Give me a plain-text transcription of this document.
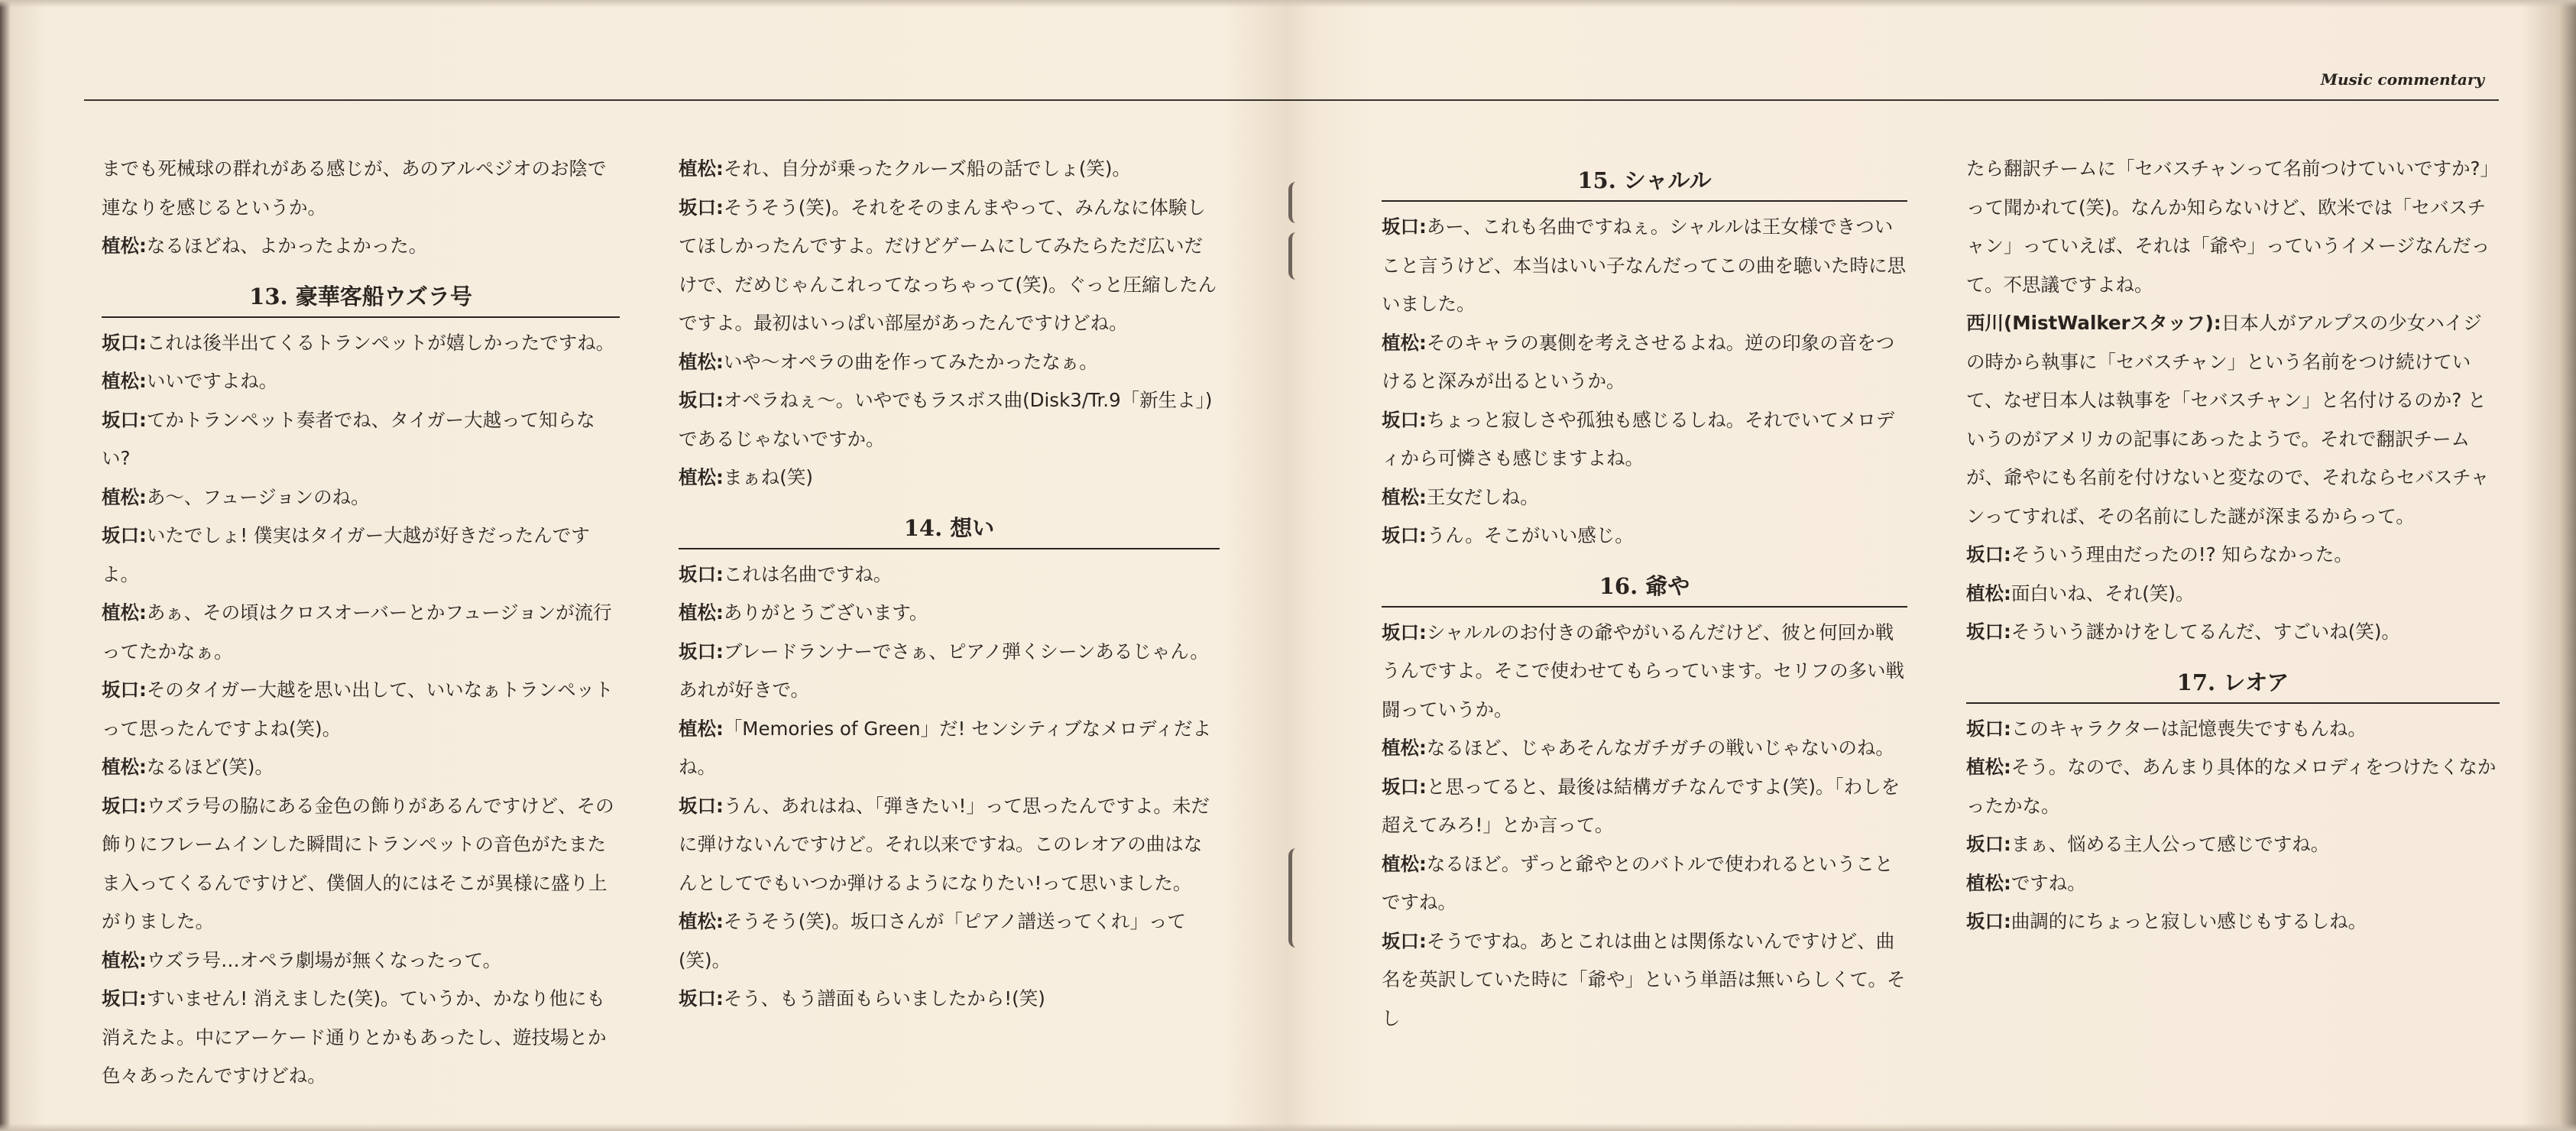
Music commentary

までも死械球の群れがある感じが、あのアルペジオのお陰で連なりを感じるというか。

植松:なるほどね、よかったよかった。

13. 豪華客船ウズラ号

坂口:これは後半出てくるトランペットが嬉しかったですね。

植松:いいですよね。

坂口:てかトランペット奏者でね、タイガー大越って知らない?

植松:あ～、フュージョンのね。

坂口:いたでしょ! 僕実はタイガー大越が好きだったんですよ。

植松:あぁ、その頃はクロスオーバーとかフュージョンが流行ってたかなぁ。

坂口:そのタイガー大越を思い出して、いいなぁトランペットって思ったんですよね(笑)。

植松:なるほど(笑)。

坂口:ウズラ号の脇にある金色の飾りがあるんですけど、その飾りにフレームインした瞬間にトランペットの音色がたまたま入ってくるんですけど、僕個人的にはそこが異様に盛り上がりました。

植松:ウズラ号…オペラ劇場が無くなったって。

坂口:すいません! 消えました(笑)。ていうか、かなり他にも消えたよ。中にアーケード通りとかもあったし、遊技場とか色々あったんですけどね。

植松:それ、自分が乗ったクルーズ船の話でしょ(笑)。

坂口:そうそう(笑)。それをそのまんまやって、みんなに体験してほしかったんですよ。だけどゲームにしてみたらただ広いだけで、だめじゃんこれってなっちゃって(笑)。ぐっと圧縮したんですよ。最初はいっぱい部屋があったんですけどね。

植松:いや～オペラの曲を作ってみたかったなぁ。

坂口:オペラねぇ～。いやでもラスボス曲(Disk3/Tr.9「新生よ」)であるじゃないですか。

植松:まぁね(笑)

14. 想い

坂口:これは名曲ですね。

植松:ありがとうございます。

坂口:ブレードランナーでさぁ、ピアノ弾くシーンあるじゃん。あれが好きで。

植松:「Memories of Green」だ! センシティブなメロディだよね。

坂口:うん、あれはね、「弾きたい!」って思ったんですよ。未だに弾けないんですけど。それ以来ですね。このレオアの曲はなんとしてでもいつか弾けるようになりたい!って思いました。

植松:そうそう(笑)。坂口さんが「ピアノ譜送ってくれ」って(笑)。

坂口:そう、もう譜面もらいましたから!(笑)

15. シャルル

坂口:あー、これも名曲ですねぇ。シャルルは王女様できついこと言うけど、本当はいい子なんだってこの曲を聴いた時に思いました。

植松:そのキャラの裏側を考えさせるよね。逆の印象の音をつけると深みが出るというか。

坂口:ちょっと寂しさや孤独も感じるしね。それでいてメロディから可憐さも感じますよね。

植松:王女だしね。

坂口:うん。そこがいい感じ。

16. 爺や

坂口:シャルルのお付きの爺やがいるんだけど、彼と何回か戦うんですよ。そこで使わせてもらっています。セリフの多い戦闘っていうか。

植松:なるほど、じゃあそんなガチガチの戦いじゃないのね。

坂口:と思ってると、最後は結構ガチなんですよ(笑)。「わしを超えてみろ!」とか言って。

植松:なるほど。ずっと爺やとのバトルで使われるということですね。

坂口:そうですね。あとこれは曲とは関係ないんですけど、曲名を英訳していた時に「爺や」という単語は無いらしくて。そし

たら翻訳チームに「セバスチャンって名前つけていいですか?」って聞かれて(笑)。なんか知らないけど、欧米では「セバスチャン」っていえば、それは「爺や」っていうイメージなんだって。不思議ですよね。

西川(MistWalkerスタッフ):日本人がアルプスの少女ハイジの時から執事に「セバスチャン」という名前をつけ続けていて、なぜ日本人は執事を「セバスチャン」と名付けるのか? というのがアメリカの記事にあったようで。それで翻訳チームが、爺やにも名前を付けないと変なので、それならセバスチャンってすれば、その名前にした謎が深まるからって。

坂口:そういう理由だったの!? 知らなかった。

植松:面白いね、それ(笑)。

坂口:そういう謎かけをしてるんだ、すごいね(笑)。

17. レオア

坂口:このキャラクターは記憶喪失ですもんね。

植松:そう。なので、あんまり具体的なメロディをつけたくなかったかな。

坂口:まぁ、悩める主人公って感じですね。

植松:ですね。

坂口:曲調的にちょっと寂しい感じもするしね。
